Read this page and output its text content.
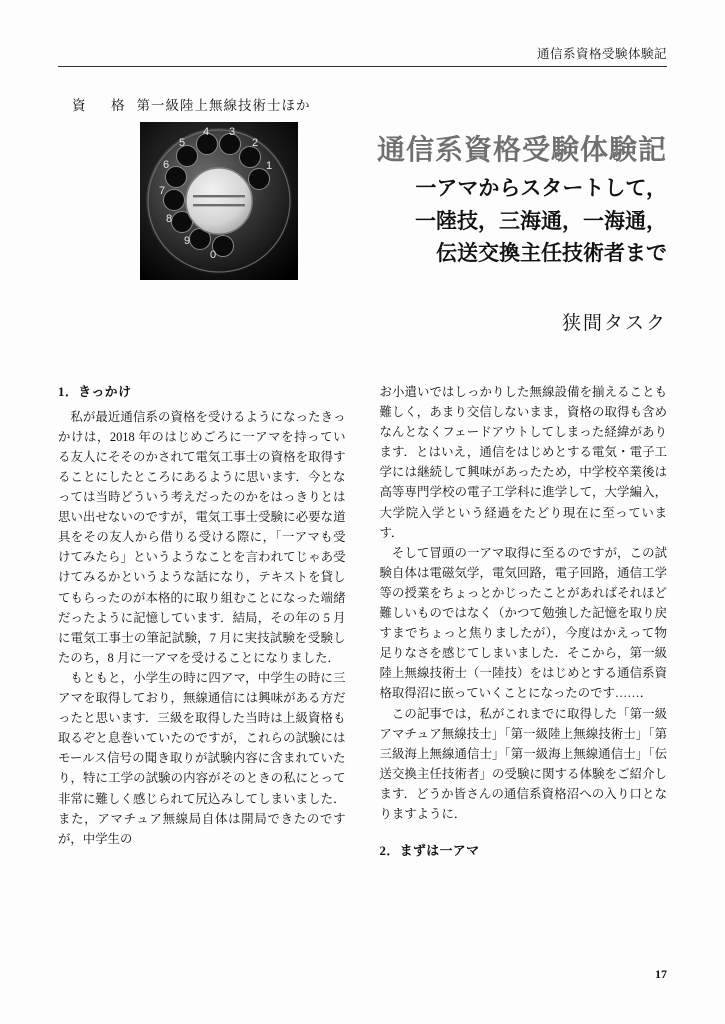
通信系資格受験体験記
資　格 第一級陸上無線技術士ほか
1
2
3
4
5
6
7
8
9
0
通信系資格受験体験記
一アマからスタートして，
一陸技，三海通，一海通，
伝送交換主任技術者まで
狭間タスク
1．きっかけ

私が最近通信系の資格を受けるようになったきっかけは，2018 年のはじめごろに一アマを持っている友人にそそのかされて電気工事士の資格を取得することにしたところにあるように思います．今となっては当時どういう考えだったのかをはっきりとは思い出せないのですが，電気工事士受験に必要な道具をその友人から借りる受ける際に，「一アマも受けてみたら」というようなことを言われてじゃあ受けてみるかというような話になり，テキストを貸してもらったのが本格的に取り組むことになった端緒だったように記憶しています．結局，その年の 5 月に電気工事士の筆記試験，7 月に実技試験を受験したのち，8 月に一アマを受けることになりました．

もともと，小学生の時に四アマ，中学生の時に三アマを取得しており，無線通信には興味がある方だったと思います．三級を取得した当時は上級資格も取るぞと息巻いていたのですが，これらの試験にはモールス信号の聞き取りが試験内容に含まれていたり，特に工学の試験の内容がそのときの私にとって非常に難しく感じられて尻込みしてしまいました．また，アマチュア無線局自体は開局できたのですが，中学生の

お小遣いではしっかりした無線設備を揃えることも難しく，あまり交信しないまま，資格の取得も含めなんとなくフェードアウトしてしまった経緯があります．とはいえ，通信をはじめとする電気・電子工学には継続して興味があったため，中学校卒業後は高等専門学校の電子工学科に進学して，大学編入，大学院入学という経過をたどり現在に至っています．

そして冒頭の一アマ取得に至るのですが，この試験自体は電磁気学，電気回路，電子回路，通信工学等の授業をちょっとかじったことがあればそれほど難しいものではなく（かつて勉強した記憶を取り戻すまでちょっと焦りましたが），今度はかえって物足りなさを感じてしまいました．そこから，第一級陸上無線技術士（一陸技）をはじめとする通信系資格取得沼に嵌っていくことになったのです……．

この記事では，私がこれまでに取得した「第一級アマチュア無線技士」「第一級陸上無線技術士」「第三級海上無線通信士」「第一級海上無線通信士」「伝送交換主任技術者」の受験に関する体験をご紹介します．どうか皆さんの通信系資格沼への入り口となりますように．

2．まずは一アマ
17
